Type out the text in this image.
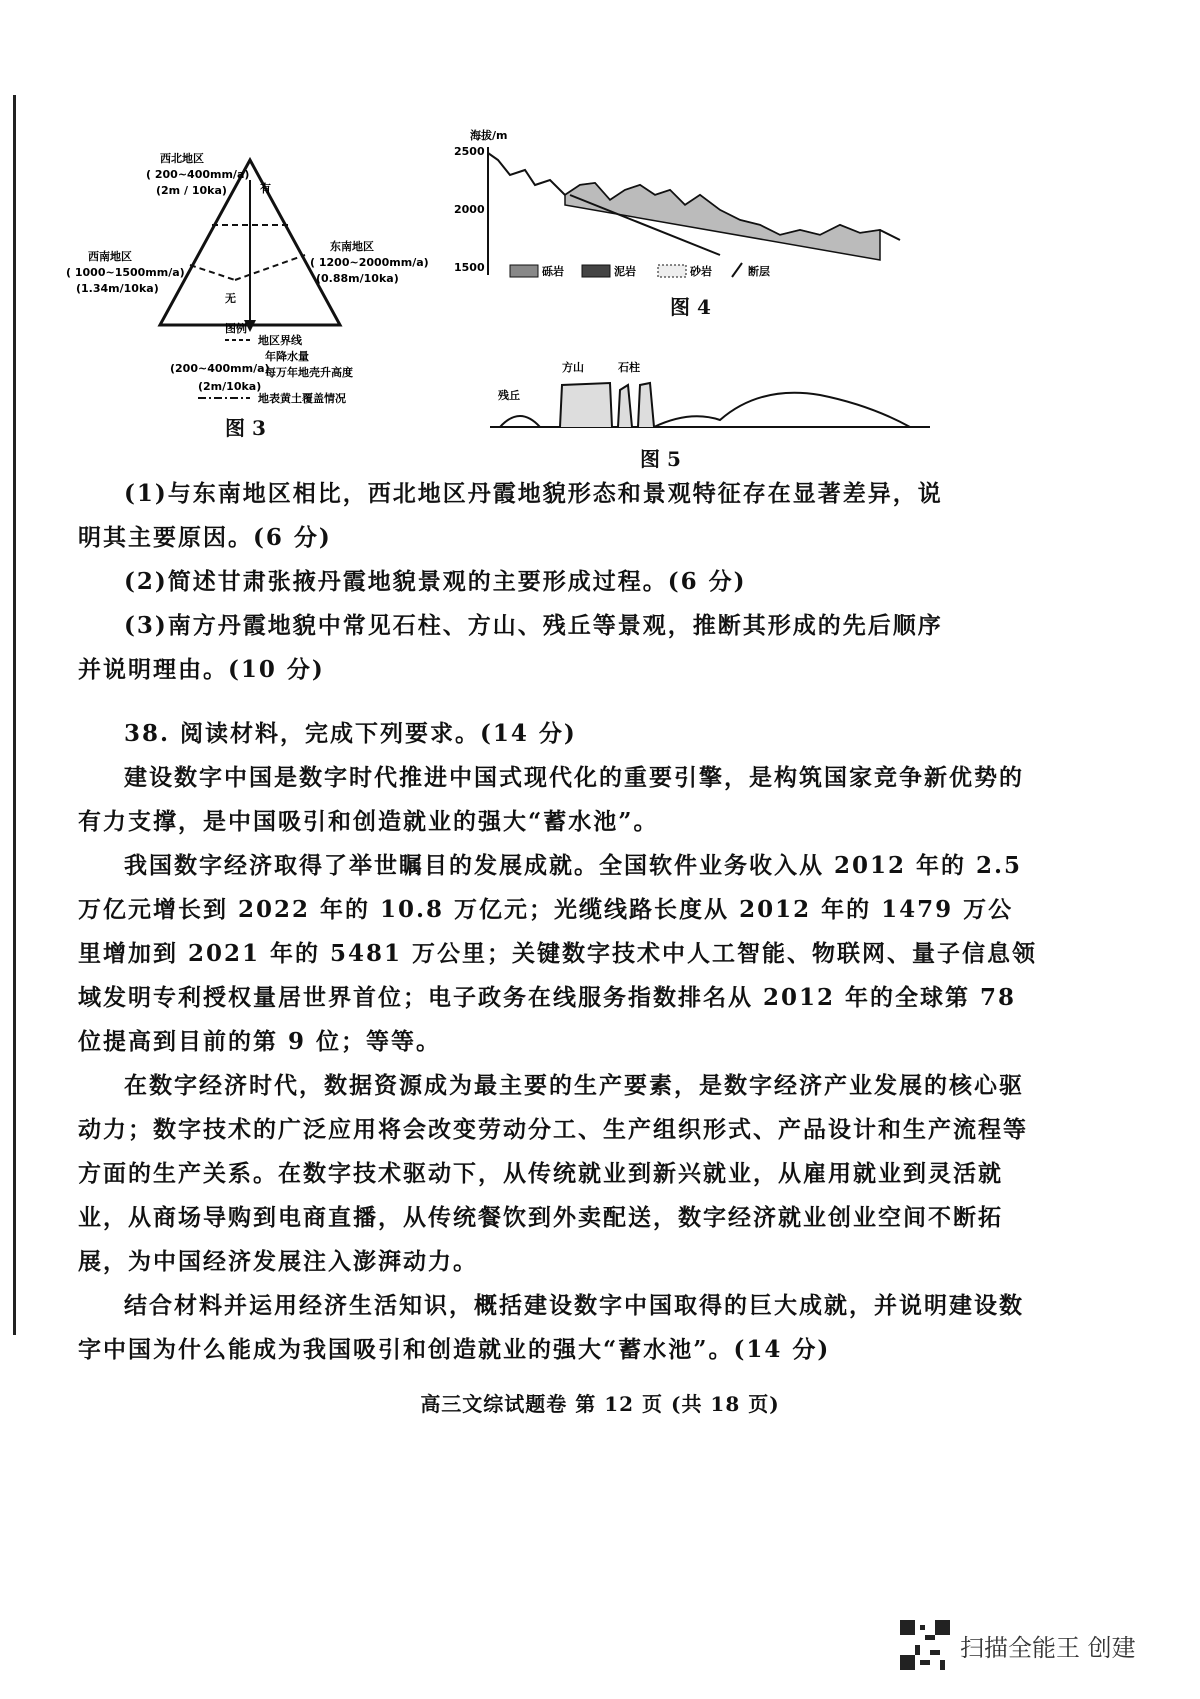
有
无
西北地区
( 200~400mm/a)
(2m / 10ka)
西南地区
( 1000~1500mm/a)
(1.34m/10ka)
东南地区
( 1200~2000mm/a)
(0.88m/10ka)
图例
地区界线
年降水量
(200~400mm/a)
每万年地壳升高度
(2m/10ka)
地表黄土覆盖情况
图 3
海拔/m
2500
2000
1500	砾岩	泥岩	砂岩	断层
图 4
残丘
方山	石柱
图 5

(1)与东南地区相比，西北地区丹霞地貌形态和景观特征存在显著差异，说

明其主要原因。(6 分)

(2)简述甘肃张掖丹霞地貌景观的主要形成过程。(6 分)

(3)南方丹霞地貌中常见石柱、方山、残丘等景观，推断其形成的先后顺序

并说明理由。(10 分)

38. 阅读材料，完成下列要求。(14 分)

建设数字中国是数字时代推进中国式现代化的重要引擎，是构筑国家竞争新优势的有力支撑，是中国吸引和创造就业的强大“蓄水池”。

我国数字经济取得了举世瞩目的发展成就。全国软件业务收入从 2012 年的 2.5 万亿元增长到 2022 年的 10.8 万亿元；光缆线路长度从 2012 年的 1479 万公里增加到 2021 年的 5481 万公里；关键数字技术中人工智能、物联网、量子信息领域发明专利授权量居世界首位；电子政务在线服务指数排名从 2012 年的全球第 78 位提高到目前的第 9 位；等等。

在数字经济时代，数据资源成为最主要的生产要素，是数字经济产业发展的核心驱动力；数字技术的广泛应用将会改变劳动分工、生产组织形式、产品设计和生产流程等方面的生产关系。在数字技术驱动下，从传统就业到新兴就业，从雇用就业到灵活就业，从商场导购到电商直播，从传统餐饮到外卖配送，数字经济就业创业空间不断拓展，为中国经济发展注入澎湃动力。

结合材料并运用经济生活知识，概括建设数字中国取得的巨大成就，并说明建设数字中国为什么能成为我国吸引和创造就业的强大“蓄水池”。(14 分)

高三文综试题卷 第 12 页 (共 18 页)
扫描全能王 创建
